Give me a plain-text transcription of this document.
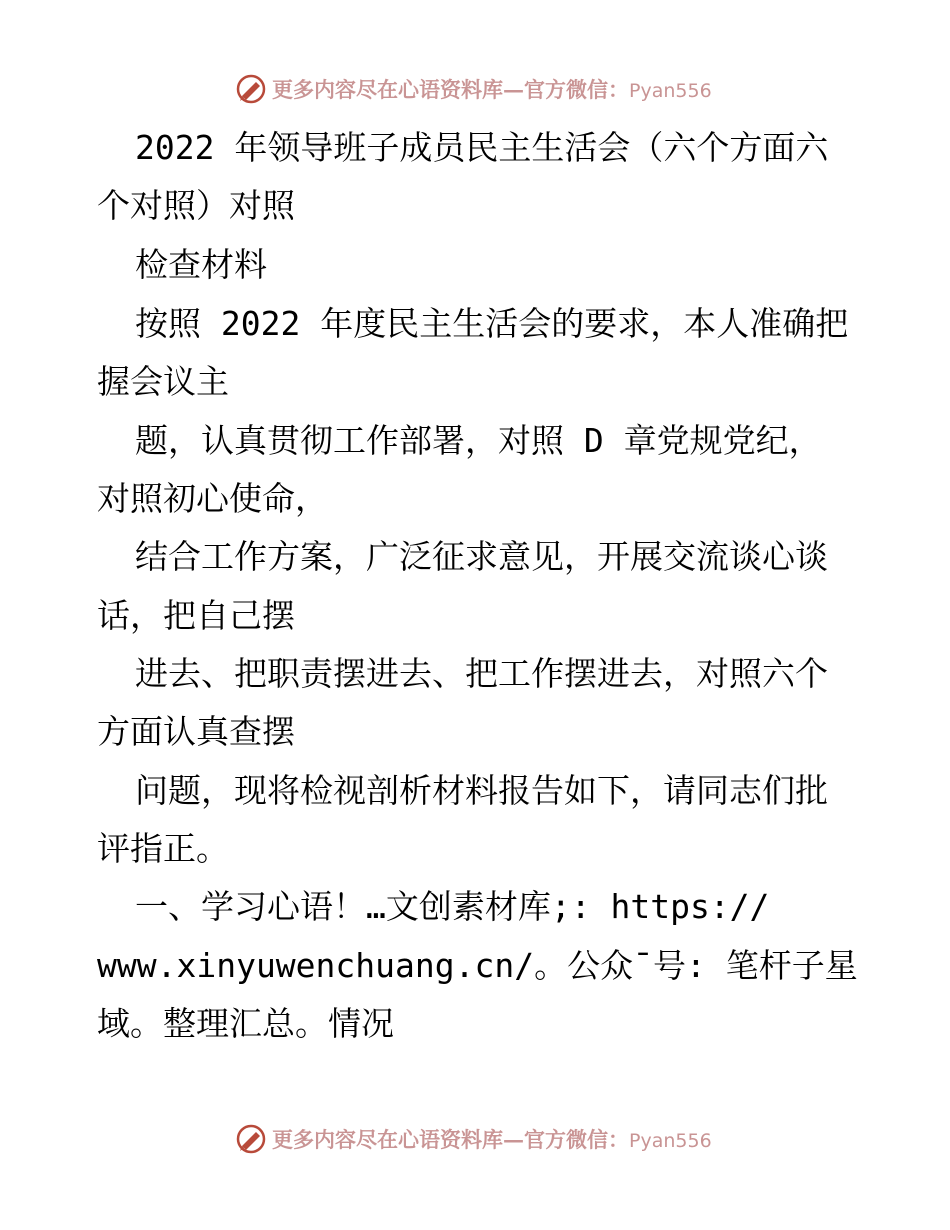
更多内容尽在心语资料库—官方微信：Pyan556
2022 年领导班子成员民主生活会（六个方面六
个对照）对照
检查材料
按照 2022 年度民主生活会的要求，本人准确把
握会议主
题，认真贯彻工作部署，对照 D 章党规党纪，
对照初心使命，
结合工作方案，广泛征求意见，开展交流谈心谈
话，把自己摆
进去、把职责摆进去、把工作摆进去，对照六个
方面认真查摆
问题，现将检视剖析材料报告如下，请同志们批
评指正。
一、学习心语！…文创素材库;: https://
www.xinyuwenchuang.cn/。公众¯号: 笔杆子星
域。整理汇总。情况
更多内容尽在心语资料库—官方微信：Pyan556
